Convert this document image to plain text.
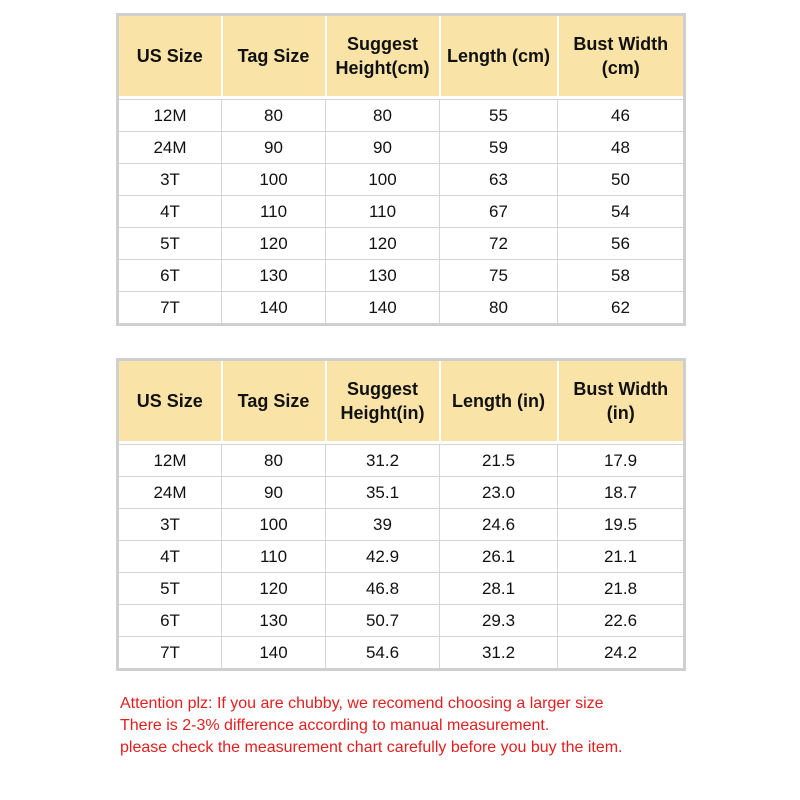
US Size	Tag Size	Suggest Height(cm)	Length (cm)	Bust Width (cm)

12M	80	80	55	46
24M	90	90	59	48
3T	100	100	63	50
4T	110	110	67	54
5T	120	120	72	56
6T	130	130	75	58
7T	140	140	80	62
US Size	Tag Size	Suggest Height(in)	Length (in)	Bust Width (in)

12M	80	31.2	21.5	17.9
24M	90	35.1	23.0	18.7
3T	100	39	24.6	19.5
4T	110	42.9	26.1	21.1
5T	120	46.8	28.1	21.8
6T	130	50.7	29.3	22.6
7T	140	54.6	31.2	24.2

Attention plz: If you are chubby, we recomend choosing a larger size

There is 2-3% difference according to manual measurement.

please check the measurement chart carefully before you buy the item.
